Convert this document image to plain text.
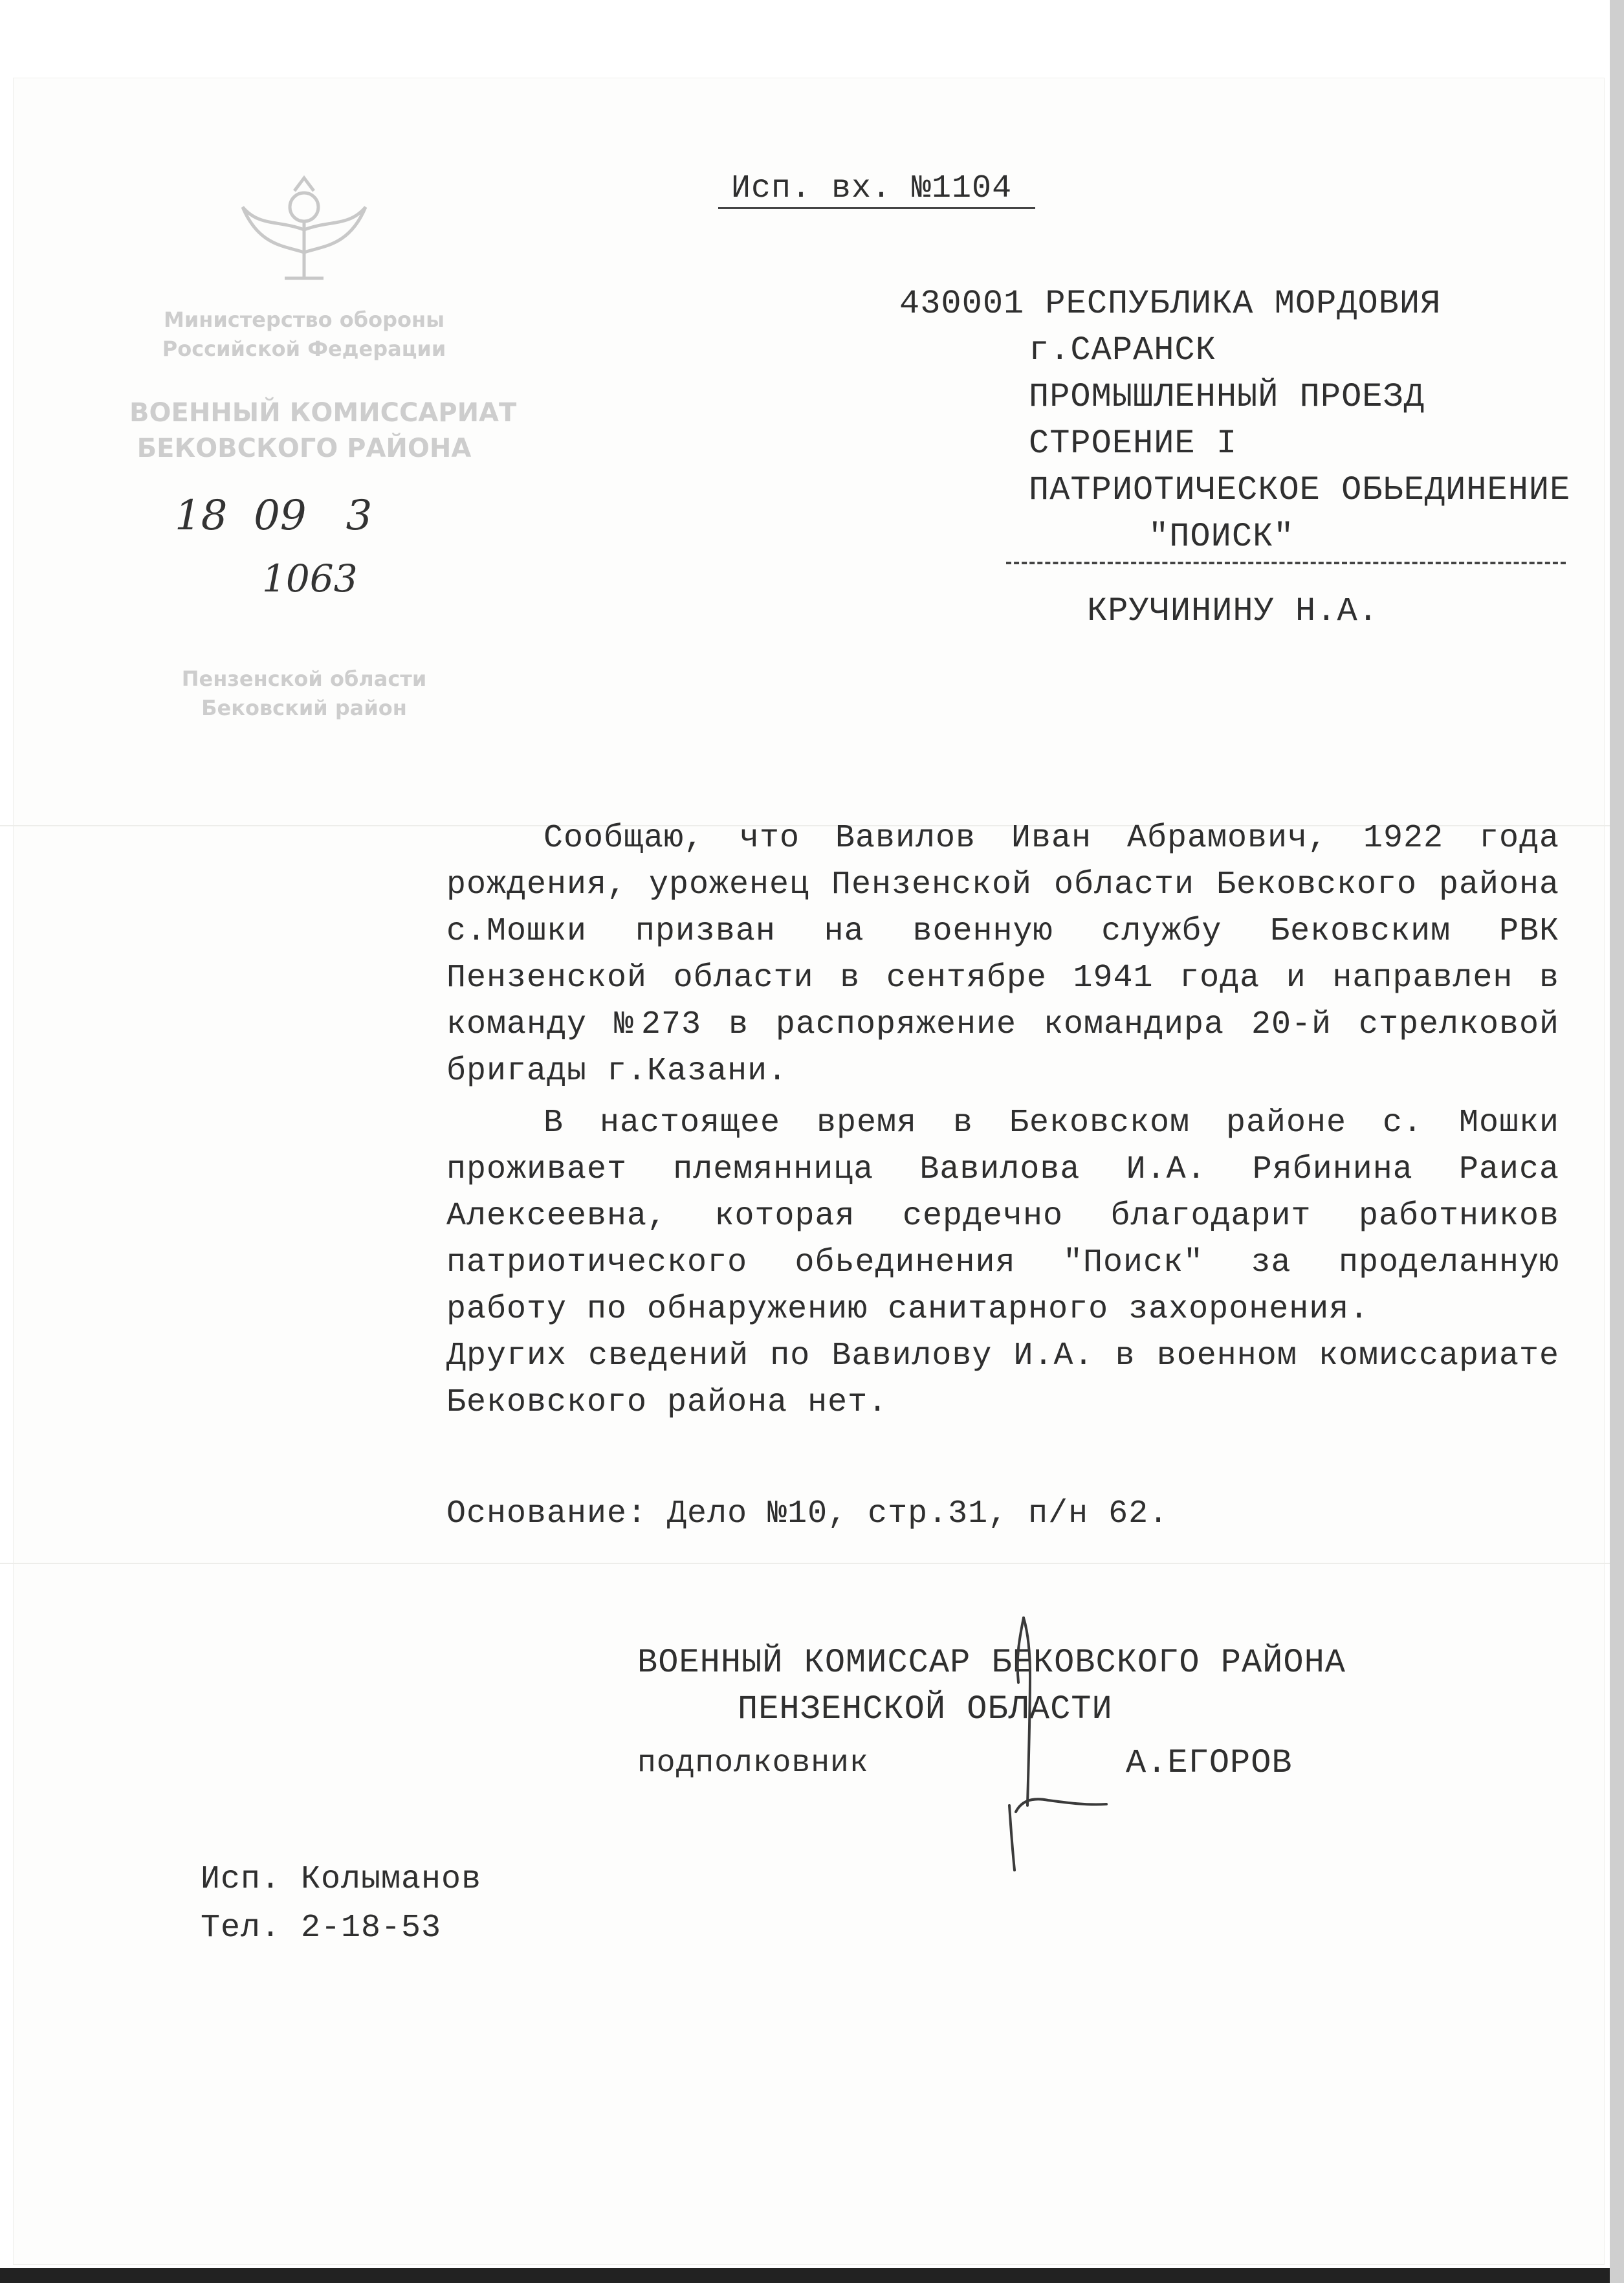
Исп. вх. №1104
Министерство обороны
Российской Федерации
ВОЕННЫЙ КОМИССАРИАТ
БЕКОВСКОГО РАЙОНА
Пензенской области
Бековский район
18  09   3
1063
430001 РЕСПУБЛИКА МОРДОВИЯ
г.САРАНСК
ПРОМЫШЛЕННЫЙ ПРОЕЗД
СТРОЕНИЕ I
ПАТРИОТИЧЕСКОЕ ОБЬЕДИНЕНИЕ
"ПОИСК"
КРУЧИНИНУ Н.А.

Сообщаю, что Вавилов Иван Абрамович, 1922 года рождения, уроженец Пензенской области Бековского района с.Мошки призван на военную службу Бековским РВК Пензенской области в сентябре 1941 года и направлен в команду №273 в распоряжение командира 20-й стрелковой бригады г.Казани.

В настоящее время в Бековском районе с. Мошки проживает племянница Вавилова И.А. Рябинина Раиса Алексеевна, которая сердечно благодарит работников патриотического обьединения "Поиск" за проделанную работу по обнаружению санитарного захоронения.

Других сведений по Вавилову И.А. в военном комиссариате Бековского района нет.

Основание: Дело №10, стр.31, п/н 62.
ВОЕННЫЙ КОМИССАР БЕКОВСКОГО РАЙОНА
ПЕНЗЕНСКОЙ ОБЛАСТИ
подполковник	А.ЕГОРОВ
Исп. Колыманов
Тел. 2-18-53
